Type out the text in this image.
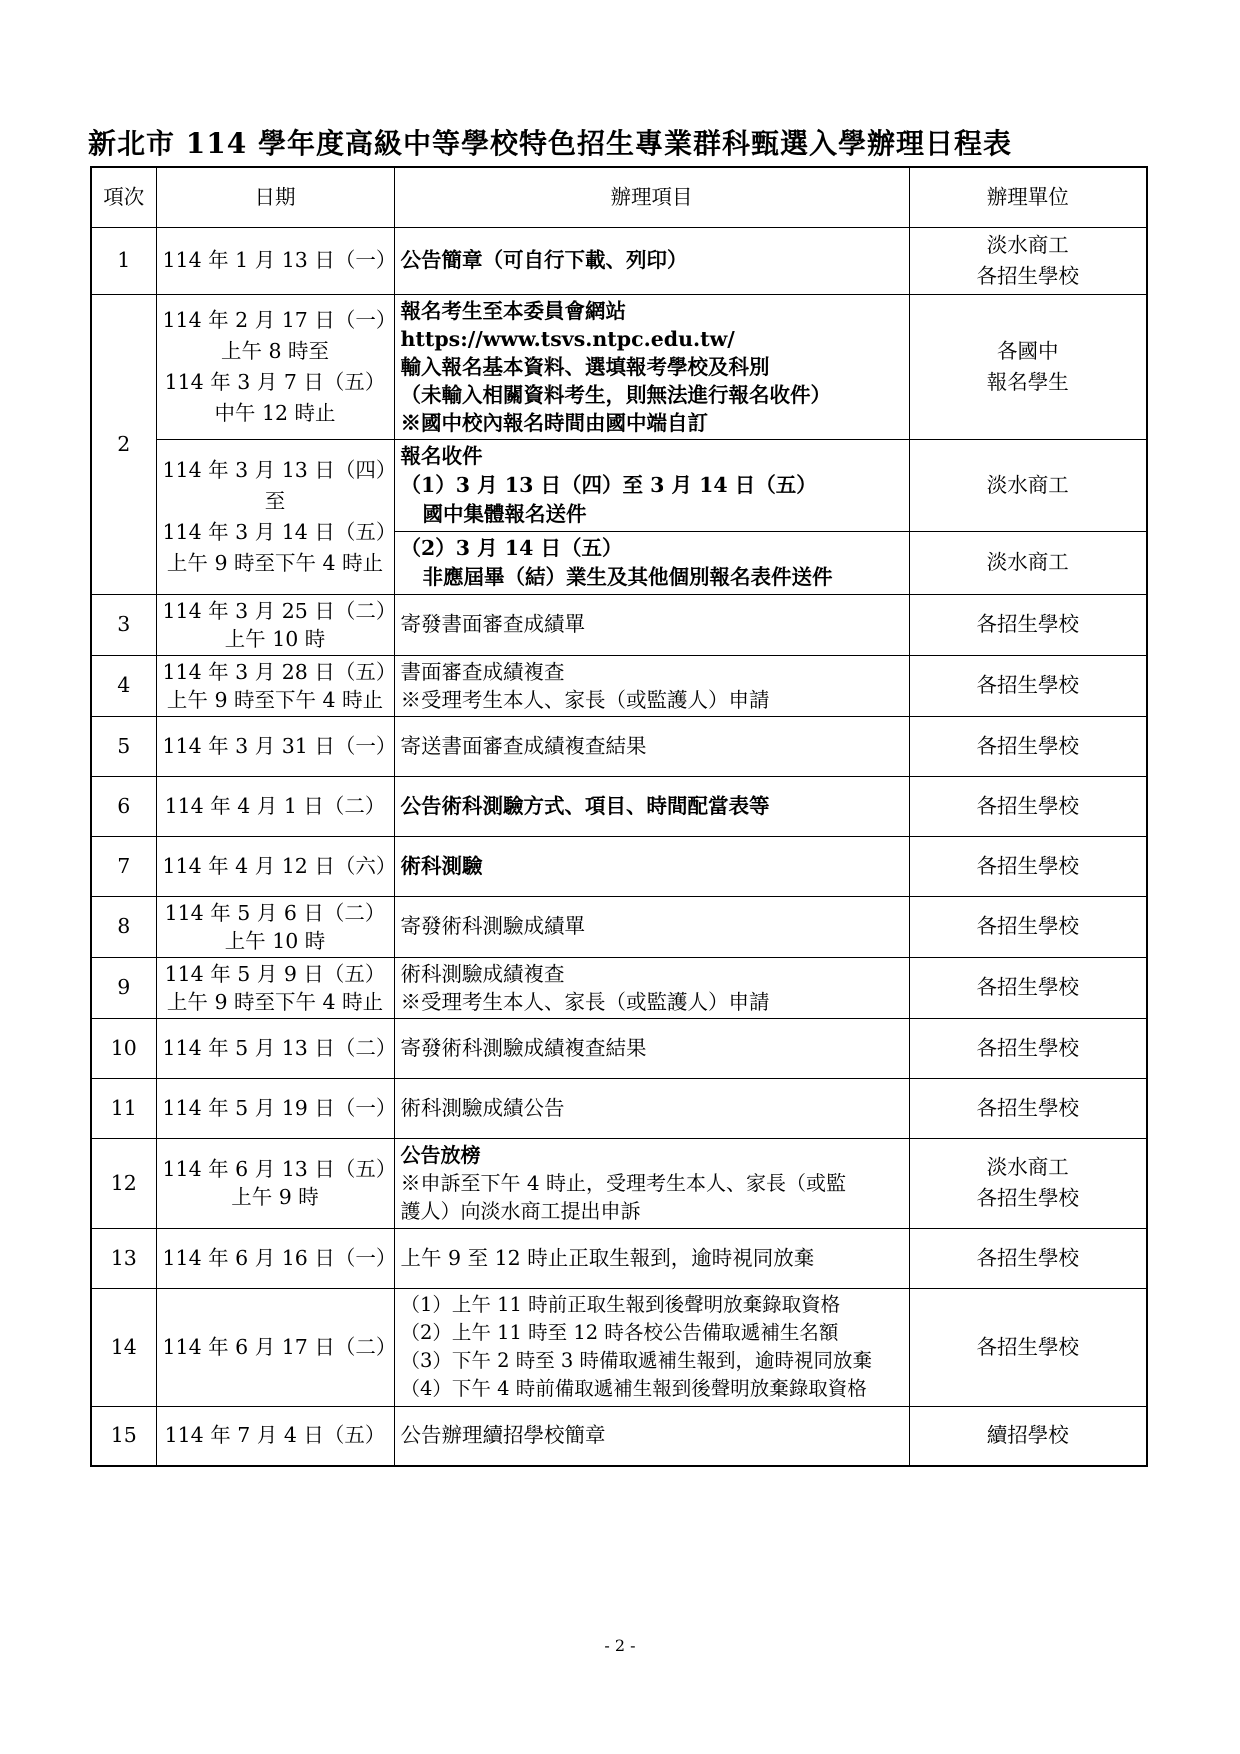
新北市 114 學年度高級中等學校特色招生專業群科甄選入學辦理日程表
項次	日期	辦理項目	辦理單位
1	114 年 1 月 13 日（一）	公告簡章（可自行下載、列印）	淡水商工
各招生學校

2	114 年 2 月 17 日（一）
上午 8 時至
114 年 3 月 7 日（五）
中午 12 時止	報名考生至本委員會網站
https://www.tsvs.ntpc.edu.tw/
輸入報名基本資料、選填報考學校及科別
（未輸入相關資料考生，則無法進行報名收件）
※國中校內報名時間由國中端自訂	各國中
報名學生

	114 年 3 月 13 日（四）
至
114 年 3 月 14 日（五）
上午 9 時至下午 4 時止	報名收件
（1）3 月 13 日（四）至 3 月 14 日（五）
國中集體報名送件	淡水商工

		（2）3 月 14 日（五）
非應屆畢（結）業生及其他個別報名表件送件	淡水商工
3	114 年 3 月 25 日（二）
上午 10 時	寄發書面審查成績單	各招生學校
4	114 年 3 月 28 日（五）
上午 9 時至下午 4 時止	書面審查成績複查
※受理考生本人、家長（或監護人）申請	各招生學校
5	114 年 3 月 31 日（一）	寄送書面審查成績複查結果	各招生學校
6	114 年 4 月 1 日（二）	公告術科測驗方式、項目、時間配當表等	各招生學校
7	114 年 4 月 12 日（六）	術科測驗	各招生學校
8	114 年 5 月 6 日（二）
上午 10 時	寄發術科測驗成績單	各招生學校
9	114 年 5 月 9 日（五）
上午 9 時至下午 4 時止	術科測驗成績複查
※受理考生本人、家長（或監護人）申請	各招生學校
10	114 年 5 月 13 日（二）	寄發術科測驗成績複查結果	各招生學校
11	114 年 5 月 19 日（一）	術科測驗成績公告	各招生學校
12	114 年 6 月 13 日（五）
上午 9 時	公告放榜
※申訴至下午 4 時止，受理考生本人、家長（或監
護人）向淡水商工提出申訴	淡水商工
各招生學校

13	114 年 6 月 16 日（一）	上午 9 至 12 時止正取生報到，逾時視同放棄	各招生學校
14	114 年 6 月 17 日（二）	（1）上午 11 時前正取生報到後聲明放棄錄取資格
（2）上午 11 時至 12 時各校公告備取遞補生名額
（3）下午 2 時至 3 時備取遞補生報到，逾時視同放棄
（4）下午 4 時前備取遞補生報到後聲明放棄錄取資格	各招生學校
15	114 年 7 月 4 日（五）	公告辦理續招學校簡章	續招學校
- 2 -
